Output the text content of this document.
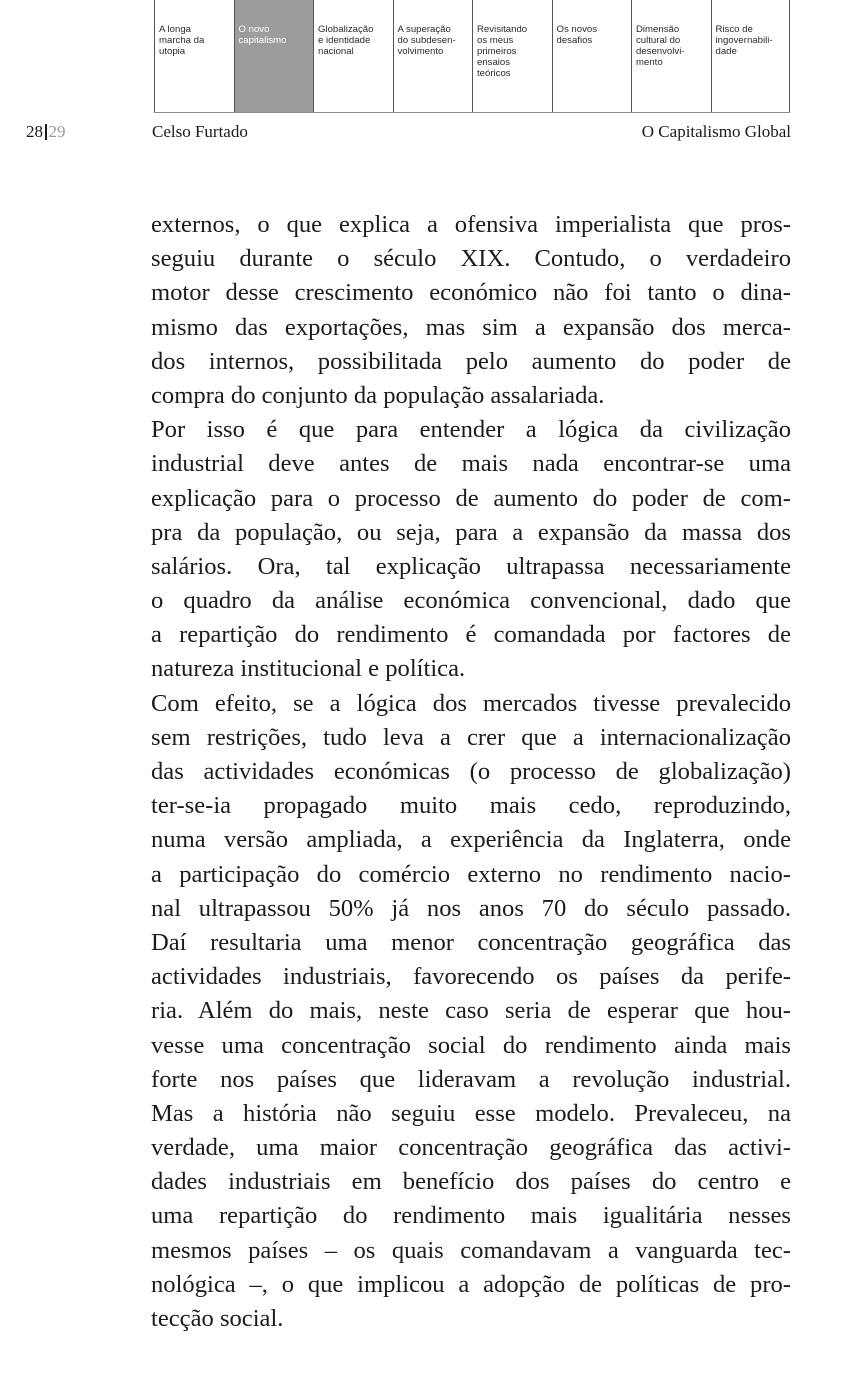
A longa
marcha da
utopia
O novo
capitalismo
Globalização
e identidade
nacional
A superação
do subdesen-
volvimento
Revisitando
os meus
primeiros
ensaios
teóricos
Os novos
desafios
Dimensão
cultural do
desenvolvi-
mento
Risco de
ingovernabili-
dade
28 29	Celso Furtado	O Capitalismo Global
externos, o que explica a ofensiva imperialista que pros-
seguiu durante o século XIX. Contudo, o verdadeiro
motor desse crescimento económico não foi tanto o dina-
mismo das exportações, mas sim a expansão dos merca-
dos internos, possibilitada pelo aumento do poder de
compra do conjunto da população assalariada.
Por isso é que para entender a lógica da civilização
industrial deve antes de mais nada encontrar-se uma
explicação para o processo de aumento do poder de com-
pra da população, ou seja, para a expansão da massa dos
salários. Ora, tal explicação ultrapassa necessariamente
o quadro da análise económica convencional, dado que
a repartição do rendimento é comandada por factores de
natureza institucional e política.
Com efeito, se a lógica dos mercados tivesse prevalecido
sem restrições, tudo leva a crer que a internacionalização
das actividades económicas (o processo de globalização)
ter-se-ia propagado muito mais cedo, reproduzindo,
numa versão ampliada, a experiência da Inglaterra, onde
a participação do comércio externo no rendimento nacio-
nal ultrapassou 50% já nos anos 70 do século passado.
Daí resultaria uma menor concentração geográfica das
actividades industriais, favorecendo os países da perife-
ria. Além do mais, neste caso seria de esperar que hou-
vesse uma concentração social do rendimento ainda mais
forte nos países que lideravam a revolução industrial.
Mas a história não seguiu esse modelo. Prevaleceu, na
verdade, uma maior concentração geográfica das activi-
dades industriais em benefício dos países do centro e
uma repartição do rendimento mais igualitária nesses
mesmos países – os quais comandavam a vanguarda tec-
nológica –, o que implicou a adopção de políticas de pro-
tecção social.
